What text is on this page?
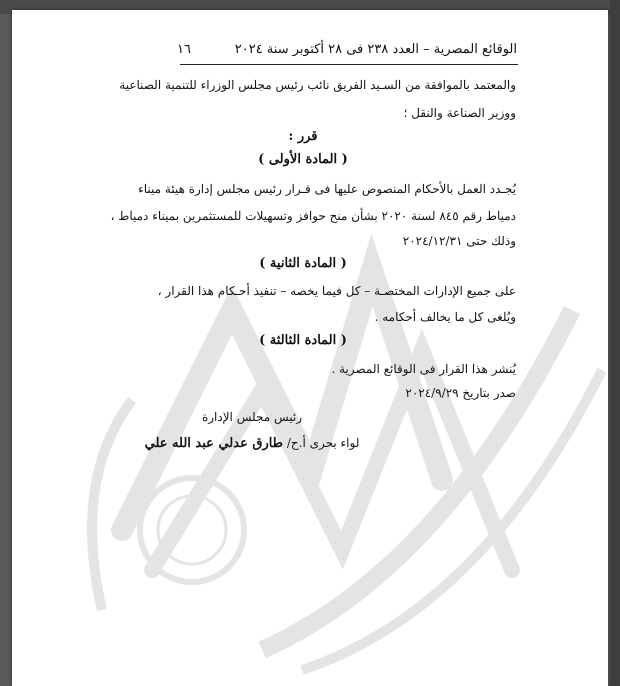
الوقائع المصرية – العدد ٢٣٨ فى ٢٨ أكتوبر سنة ٢٠٢٤
١٦
والمعتمد بالموافقة من السـيد الفريق نائب رئيس مجلس الوزراء للتنمية الصناعية
ووزير الصناعة والنقل ؛
قرر :
( المادة الأولى )
يُجـدد العمل بالأحكام المنصوص عليها فى قـرار رئيس مجلس إدارة هيئة ميناء
دمياط رقم ٨٤٥ لسنة ٢٠٢٠ بشأن منح حوافز وتسهيلات للمستثمرين بميناء دمياط ،
وذلك حتى ٢٠٢٤/١٢/٣١
( المادة الثانية )
على جميع الإدارات المختصـة – كل فيما يخصه – تنفيذ أحـكام هذا القرار ،
ويُلغى كل ما يخالف أحكامه .
( المادة الثالثة )
يُنشر هذا القرار فى الوقائع المصرية .
صدر بتاريخ ٢٠٢٤/٩/٢٩
رئيس مجلس الإدارة
لواء بحرى أ.ح/ طارق عدلي عبد الله علي
